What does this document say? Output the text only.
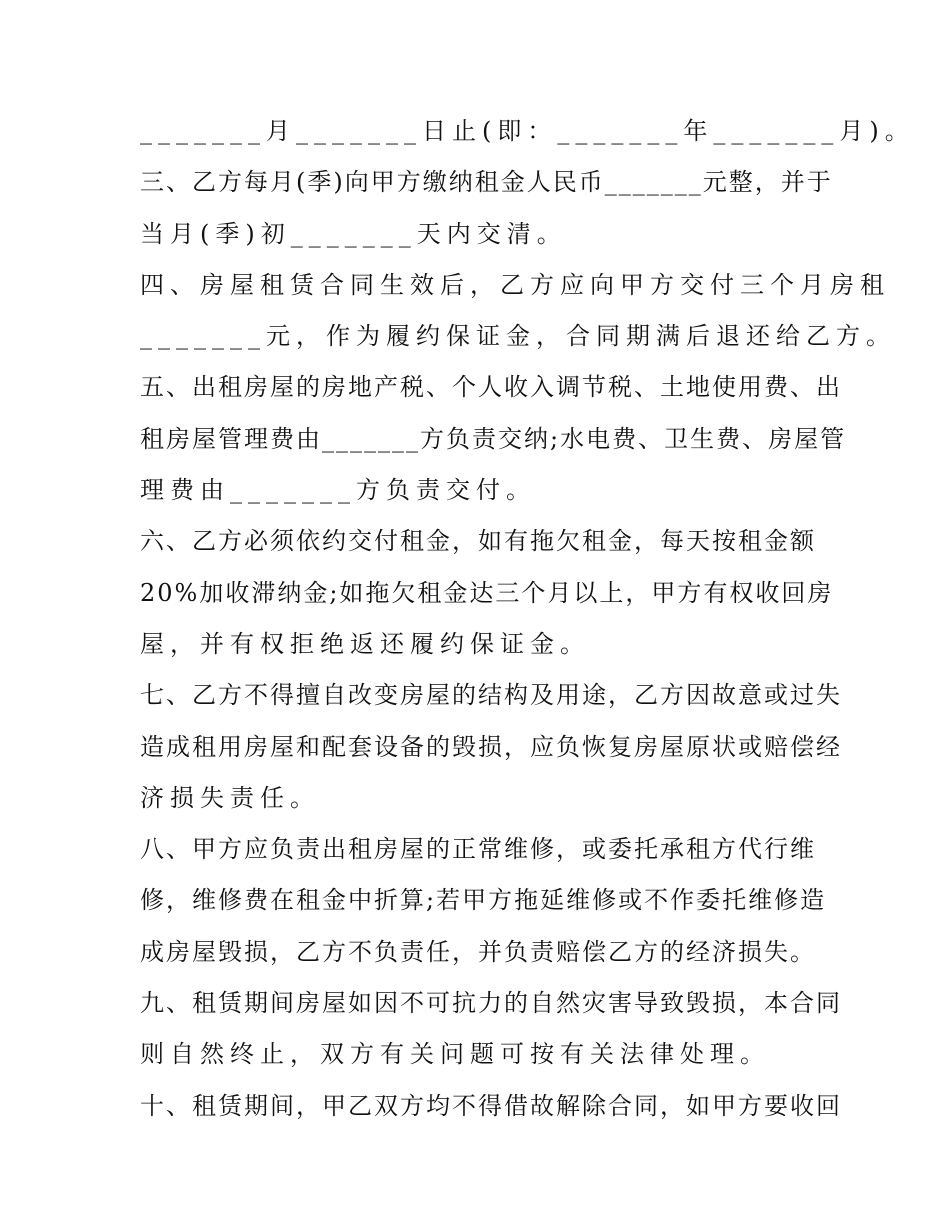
_______月_______日止(即：_______年_______月)。
三、乙方每月(季)向甲方缴纳租金人民币_______元整，并于
当月(季)初_______天内交清。
四、房屋租赁合同生效后，乙方应向甲方交付三个月房租
_______元，作为履约保证金，合同期满后退还给乙方。
五、出租房屋的房地产税、个人收入调节税、土地使用费、出
租房屋管理费由_______方负责交纳;水电费、卫生费、房屋管
理费由_______方负责交付。
六、乙方必须依约交付租金，如有拖欠租金，每天按租金额
20%加收滞纳金;如拖欠租金达三个月以上，甲方有权收回房
屋，并有权拒绝返还履约保证金。
七、乙方不得擅自改变房屋的结构及用途，乙方因故意或过失
造成租用房屋和配套设备的毁损，应负恢复房屋原状或赔偿经
济损失责任。
八、甲方应负责出租房屋的正常维修，或委托承租方代行维
修，维修费在租金中折算;若甲方拖延维修或不作委托维修造
成房屋毁损，乙方不负责任，并负责赔偿乙方的经济损失。
九、租赁期间房屋如因不可抗力的自然灾害导致毁损，本合同
则自然终止，双方有关问题可按有关法律处理。
十、租赁期间，甲乙双方均不得借故解除合同，如甲方要收回
